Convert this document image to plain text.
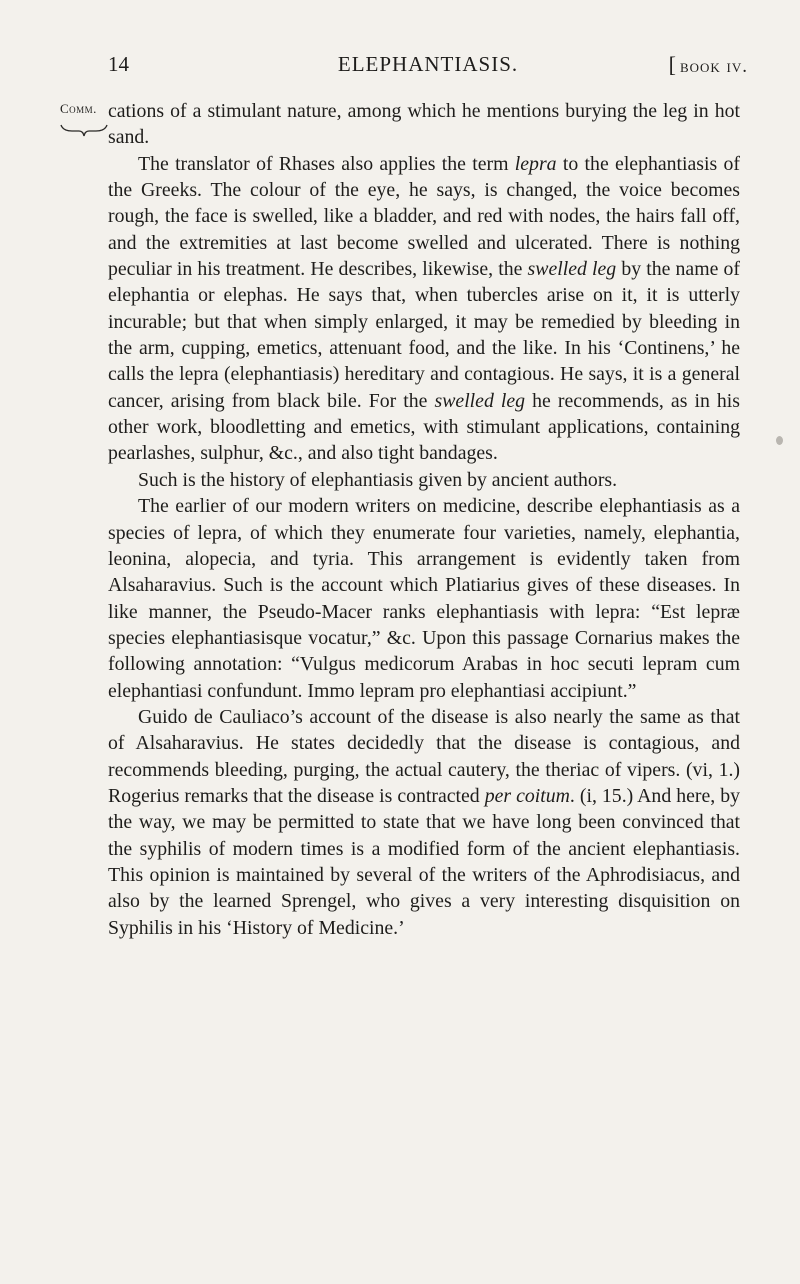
14	ELEPHANTIASIS.	[ book iv.
Comm. cations of a stimulant nature, among which he mentions burying the leg in hot sand.

The translator of Rhases also applies the term lepra to the elephantiasis of the Greeks. The colour of the eye, he says, is changed, the voice becomes rough, the face is swelled, like a bladder, and red with nodes, the hairs fall off, and the extremities at last become swelled and ulcerated. There is nothing peculiar in his treatment. He describes, likewise, the swelled leg by the name of elephantia or elephas. He says that, when tubercles arise on it, it is utterly incurable; but that when simply enlarged, it may be remedied by bleeding in the arm, cupping, emetics, attenuant food, and the like. In his ‘Continens,’ he calls the lepra (elephantiasis) hereditary and contagious. He says, it is a general cancer, arising from black bile. For the swelled leg he recommends, as in his other work, bloodletting and emetics, with stimulant applications, containing pearlashes, sulphur, &c., and also tight bandages.

Such is the history of elephantiasis given by ancient authors.

The earlier of our modern writers on medicine, describe elephantiasis as a species of lepra, of which they enumerate four varieties, namely, elephantia, leonina, alopecia, and tyria. This arrangement is evidently taken from Alsaharavius. Such is the account which Platiarius gives of these diseases. In like manner, the Pseudo-Macer ranks elephantiasis with lepra: “Est lepræ species elephantiasisque vocatur,” &c. Upon this passage Cornarius makes the following annotation: “Vulgus medicorum Arabas in hoc secuti lepram cum elephantiasi confundunt. Immo lepram pro elephantiasi accipiunt.”

Guido de Cauliaco’s account of the disease is also nearly the same as that of Alsaharavius. He states decidedly that the disease is contagious, and recommends bleeding, purging, the actual cautery, the theriac of vipers. (vi, 1.) Rogerius remarks that the disease is contracted per coitum. (i, 15.) And here, by the way, we may be permitted to state that we have long been convinced that the syphilis of modern times is a modified form of the ancient elephantiasis. This opinion is maintained by several of the writers of the Aphrodisiacus, and also by the learned Sprengel, who gives a very interesting disquisition on Syphilis in his ‘History of Medicine.’
